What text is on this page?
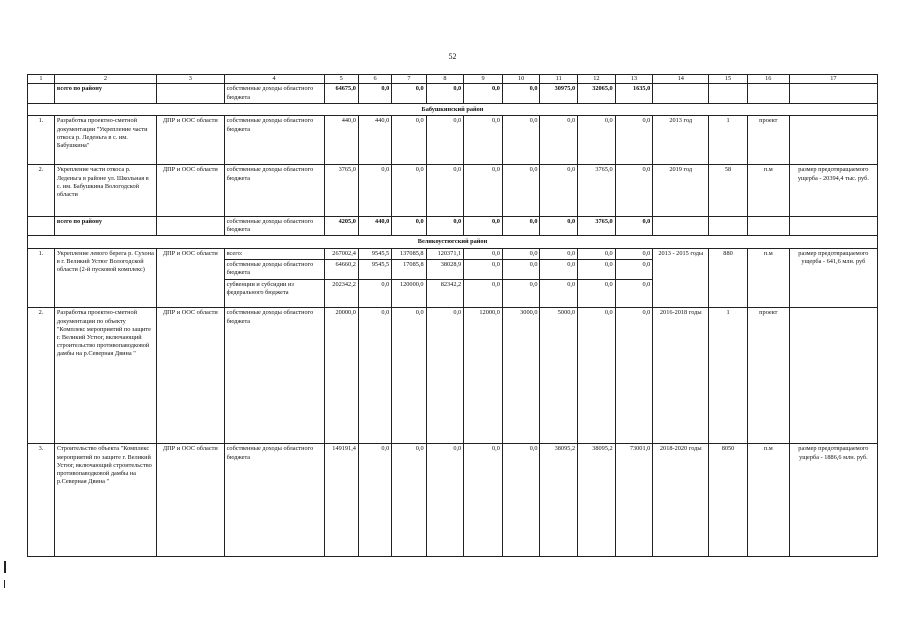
52
1	2	3	4	5	6	7	8	9	10	11	12	13	14	15	16	17
	всего по району		собственные доходы областного бюджета	64675,0	0,0	0,0	0,0	0,0	0,0	30975,0	32065,0	1635,0				
Бабушкинский район																
1.	Разработка проектно-сметной документации "Укрепление части откоса р. Леденьга в с. им. Бабушкина"	ДПР и ООС области	собственные доходы областного бюджета	440,0	440,0	0,0	0,0	0,0	0,0	0,0	0,0	0,0	2013 год	1	проект	
2.	Укрепление части откоса р. Леденьга в районе ул. Школьная в с. им. Бабушкина Вологодской области	ДПР и ООС области	собственные доходы областного бюджета	3765,0	0,0	0,0	0,0	0,0	0,0	0,0	3765,0	0,0	2019 год	58	п.м	размер предотвращаемого ущерба - 20394,4 тыс. руб.
	всего по району		собственные доходы областного бюджета	4205,0	440,0	0,0	0,0	0,0	0,0	0,0	3765,0	0,0				
Великоустюгский район																
1.	Укрепление левого берега р. Сухона в г. Великий Устюг Вологодской области (2-й пусковой комплекс)	ДПР и ООС области	всего:	267002,4	9545,5	137085,8	120371,1	0,0	0,0	0,0	0,0	0,0	2013 - 2015 годы	880	п.м	размер предотвращаемого ущерба - 641,6 млн. руб
			собственные доходы областного бюджета	64660,2	9545,5	17085,8	38028,9	0,0	0,0	0,0	0,0	0,0				
			субвенции и субсидии из федерального бюджета	202342,2	0,0	120000,0	82342,2	0,0	0,0	0,0	0,0	0,0				
2.	Разработка проектно-сметной документации по объекту "Комплекс мероприятий по защите г. Великий Устюг, включающий строительство противопаводковой дамбы на р.Северная Двина "	ДПР и ООС области	собственные доходы областного бюджета	20000,0	0,0	0,0	0,0	12000,0	3000,0	5000,0	0,0	0,0	2016-2018 годы	1	проект	
3.	Строительство объекта "Комплекс мероприятий по защите г. Великий Устюг, включающий строительство противопаводковой дамбы на р.Северная Двина "	ДПР и ООС области	собственные доходы областного бюджета	149191,4	0,0	0,0	0,0	0,0	0,0	38095,2	38095,2	73001,0	2018-2020 годы	8050	п.м	размер предотвращаемого ущерба - 1886,6 млн. руб.
